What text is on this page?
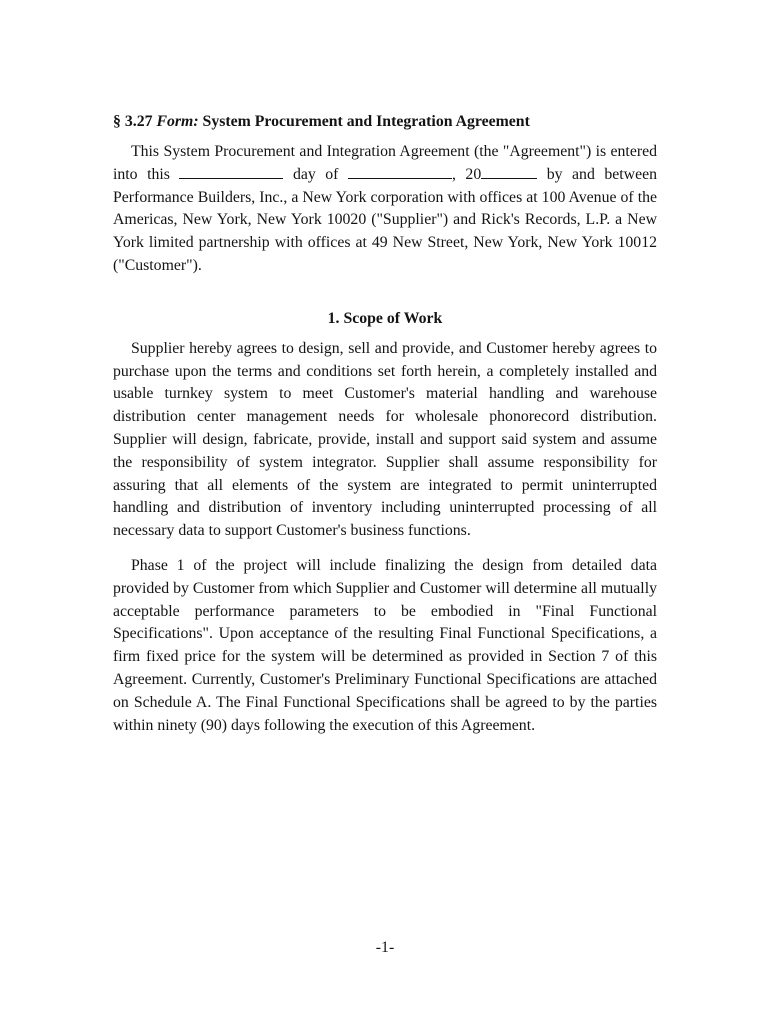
§ 3.27 Form: System Procurement and Integration Agreement

This System Procurement and Integration Agreement (the "Agreement") is entered into this	day of	, 20	by and between Performance Builders, Inc., a New York corporation with offices at 100 Avenue of the Americas, New York, New York 10020 ("Supplier") and Rick's Records, L.P. a New York limited partnership with offices at 49 New Street, New York, New York 10012 ("Customer").

1. Scope of Work

Supplier hereby agrees to design, sell and provide, and Customer hereby agrees to purchase upon the terms and conditions set forth herein, a completely installed and usable turnkey system to meet Customer's material handling and warehouse distribution center management needs for wholesale phonorecord distribution. Supplier will design, fabricate, provide, install and support said system and assume the responsibility of system integrator. Supplier shall assume responsibility for assuring that all elements of the system are integrated to permit uninterrupted handling and distribution of inventory including uninterrupted processing of all necessary data to support Customer's business functions.

Phase 1 of the project will include finalizing the design from detailed data provided by Customer from which Supplier and Customer will determine all mutually acceptable performance parameters to be embodied in "Final Functional Specifications". Upon acceptance of the resulting Final Functional Specifications, a firm fixed price for the system will be determined as provided in Section 7 of this Agreement. Currently, Customer's Preliminary Functional Specifications are attached on Schedule A. The Final Functional Specifications shall be agreed to by the parties within ninety (90) days following the execution of this Agreement.

-1-
